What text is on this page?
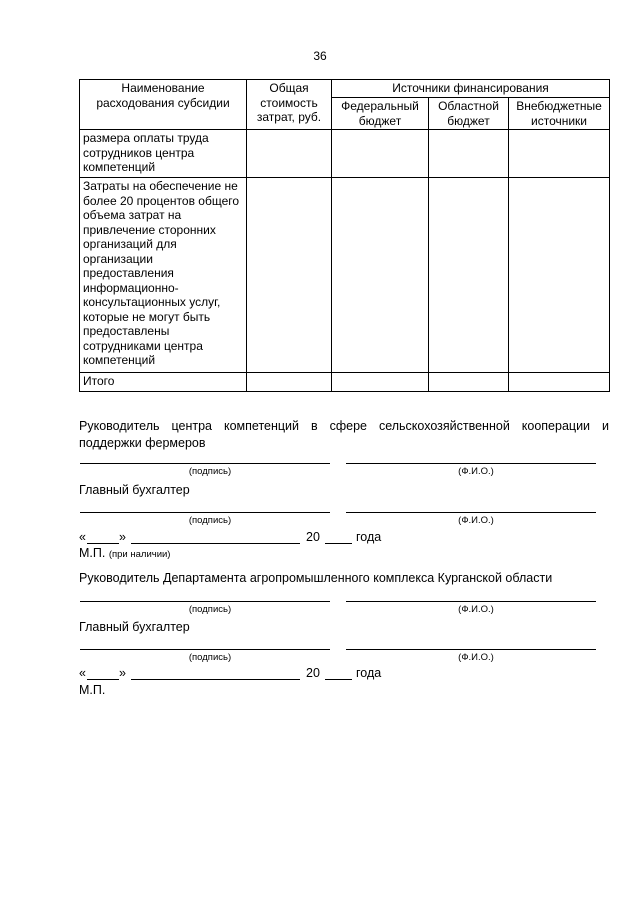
36
Наименование расходования субсидии	Общая стоимость затрат, руб.	Источники финансирования		
		Федеральный бюджет	Областной бюджет	Внебюджетные источники
размера оплаты труда сотрудников центра компетенций				
Затраты на обеспечение не более 20 процентов общего объема затрат на привлечение сторонних организаций для организации предоставления информационно-консультационных услуг, которые не могут быть предоставлены сотрудниками центра компетенций				
Итого				
Руководитель центра компетенций в сфере сельскохозяйственной кооперации и поддержки фермеров
(подпись)	(Ф.И.О.)
Главный бухгалтер
(подпись)	(Ф.И.О.)
«	»	20	года
М.П. (при наличии)
Руководитель Департамента агропромышленного комплекса Курганской области
(подпись)	(Ф.И.О.)
Главный бухгалтер
(подпись)	(Ф.И.О.)
«	»	20	года
М.П.
